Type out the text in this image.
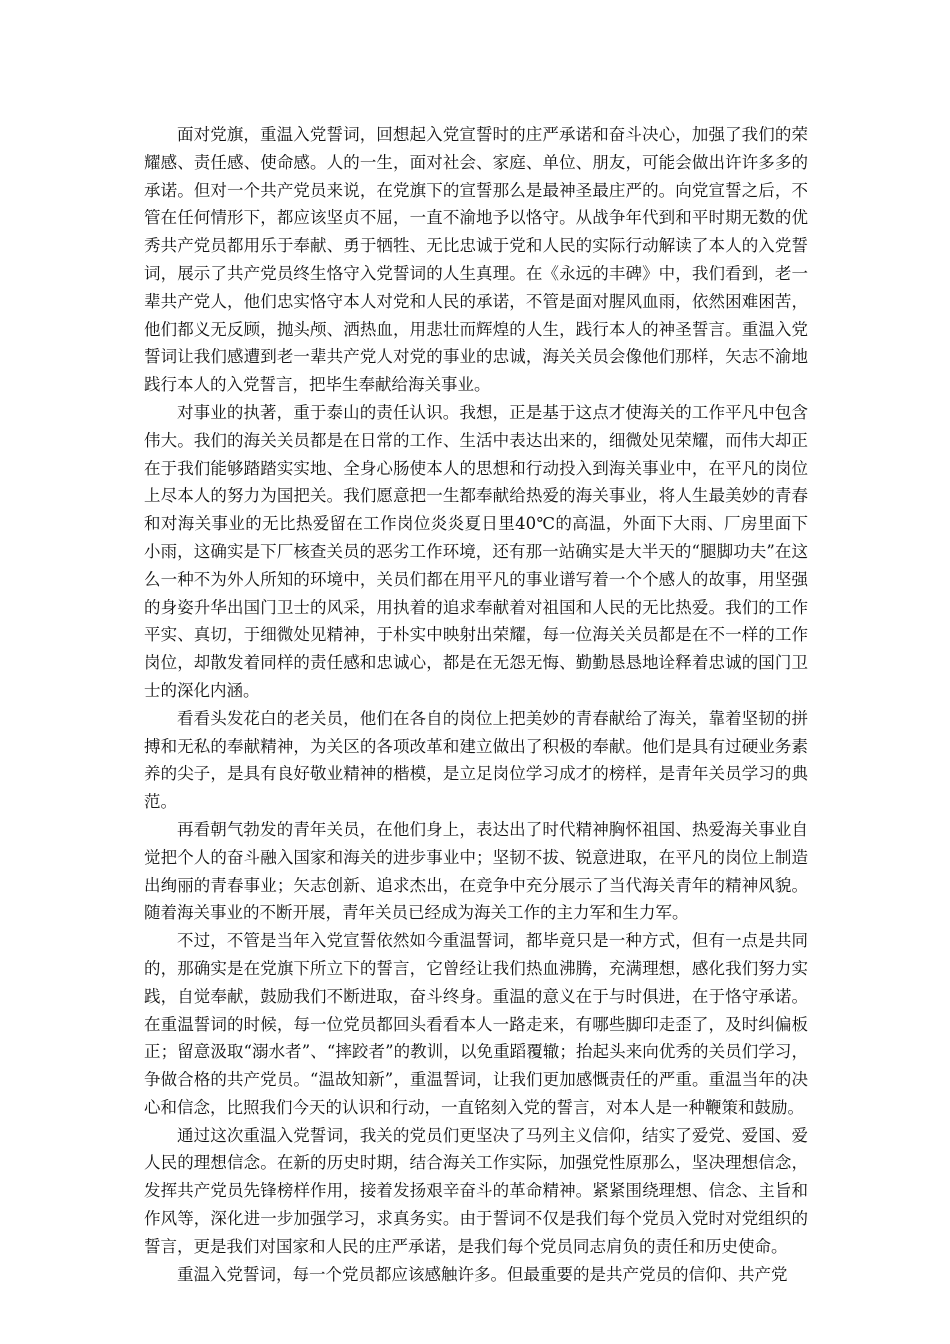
面对党旗，重温入党誓词，回想起入党宣誓时的庄严承诺和奋斗决心，加强了我们的荣耀感、责任感、使命感。人的一生，面对社会、家庭、单位、朋友，可能会做出许许多多的承诺。但对一个共产党员来说，在党旗下的宣誓那么是最神圣最庄严的。向党宣誓之后，不管在任何情形下，都应该坚贞不屈，一直不渝地予以恪守。从战争年代到和平时期无数的优秀共产党员都用乐于奉献、勇于牺牲、无比忠诚于党和人民的实际行动解读了本人的入党誓词，展示了共产党员终生恪守入党誓词的人生真理。在《永远的丰碑》中，我们看到，老一辈共产党人，他们忠实恪守本人对党和人民的承诺，不管是面对腥风血雨，依然困难困苦，他们都义无反顾，抛头颅、洒热血，用悲壮而辉煌的人生，践行本人的神圣誓言。重温入党誓词让我们感遭到老一辈共产党人对党的事业的忠诚，海关关员会像他们那样，矢志不渝地践行本人的入党誓言，把毕生奉献给海关事业。

对事业的执著，重于泰山的责任认识。我想，正是基于这点才使海关的工作平凡中包含伟大。我们的海关关员都是在日常的工作、生活中表达出来的，细微处见荣耀，而伟大却正在于我们能够踏踏实实地、全身心肠使本人的思想和行动投入到海关事业中，在平凡的岗位上尽本人的努力为国把关。我们愿意把一生都奉献给热爱的海关事业，将人生最美妙的青春和对海关事业的无比热爱留在工作岗位炎炎夏日里40℃的高温，外面下大雨、厂房里面下小雨，这确实是下厂核查关员的恶劣工作环境，还有那一站确实是大半天的“腿脚功夫”在这么一种不为外人所知的环境中，关员们都在用平凡的事业谱写着一个个感人的故事，用坚强的身姿升华出国门卫士的风采，用执着的追求奉献着对祖国和人民的无比热爱。我们的工作平实、真切，于细微处见精神，于朴实中映射出荣耀，每一位海关关员都是在不一样的工作岗位，却散发着同样的责任感和忠诚心，都是在无怨无悔、勤勤恳恳地诠释着忠诚的国门卫士的深化内涵。

看看头发花白的老关员，他们在各自的岗位上把美妙的青春献给了海关，靠着坚韧的拼搏和无私的奉献精神，为关区的各项改革和建立做出了积极的奉献。他们是具有过硬业务素养的尖子，是具有良好敬业精神的楷模，是立足岗位学习成才的榜样，是青年关员学习的典范。

再看朝气勃发的青年关员，在他们身上，表达出了时代精神胸怀祖国、热爱海关事业自觉把个人的奋斗融入国家和海关的进步事业中；坚韧不拔、锐意进取，在平凡的岗位上制造出绚丽的青春事业；矢志创新、追求杰出，在竞争中充分展示了当代海关青年的精神风貌。随着海关事业的不断开展，青年关员已经成为海关工作的主力军和生力军。

不过，不管是当年入党宣誓依然如今重温誓词，都毕竟只是一种方式，但有一点是共同的，那确实是在党旗下所立下的誓言，它曾经让我们热血沸腾，充满理想，感化我们努力实践，自觉奉献，鼓励我们不断进取，奋斗终身。重温的意义在于与时俱进，在于恪守承诺。在重温誓词的时候，每一位党员都回头看看本人一路走来，有哪些脚印走歪了，及时纠偏板正；留意汲取“溺水者”、“摔跤者”的教训，以免重蹈覆辙；抬起头来向优秀的关员们学习，争做合格的共产党员。“温故知新”，重温誓词，让我们更加感慨责任的严重。重温当年的决心和信念，比照我们今天的认识和行动，一直铭刻入党的誓言，对本人是一种鞭策和鼓励。

通过这次重温入党誓词，我关的党员们更坚决了马列主义信仰，结实了爱党、爱国、爱人民的理想信念。在新的历史时期，结合海关工作实际，加强党性原那么，坚决理想信念，发挥共产党员先锋榜样作用，接着发扬艰辛奋斗的革命精神。紧紧围绕理想、信念、主旨和作风等，深化进一步加强学习，求真务实。由于誓词不仅是我们每个党员入党时对党组织的誓言，更是我们对国家和人民的庄严承诺，是我们每个党员同志肩负的责任和历史使命。

重温入党誓词，每一个党员都应该感触许多。但最重要的是共产党员的信仰、共产党
